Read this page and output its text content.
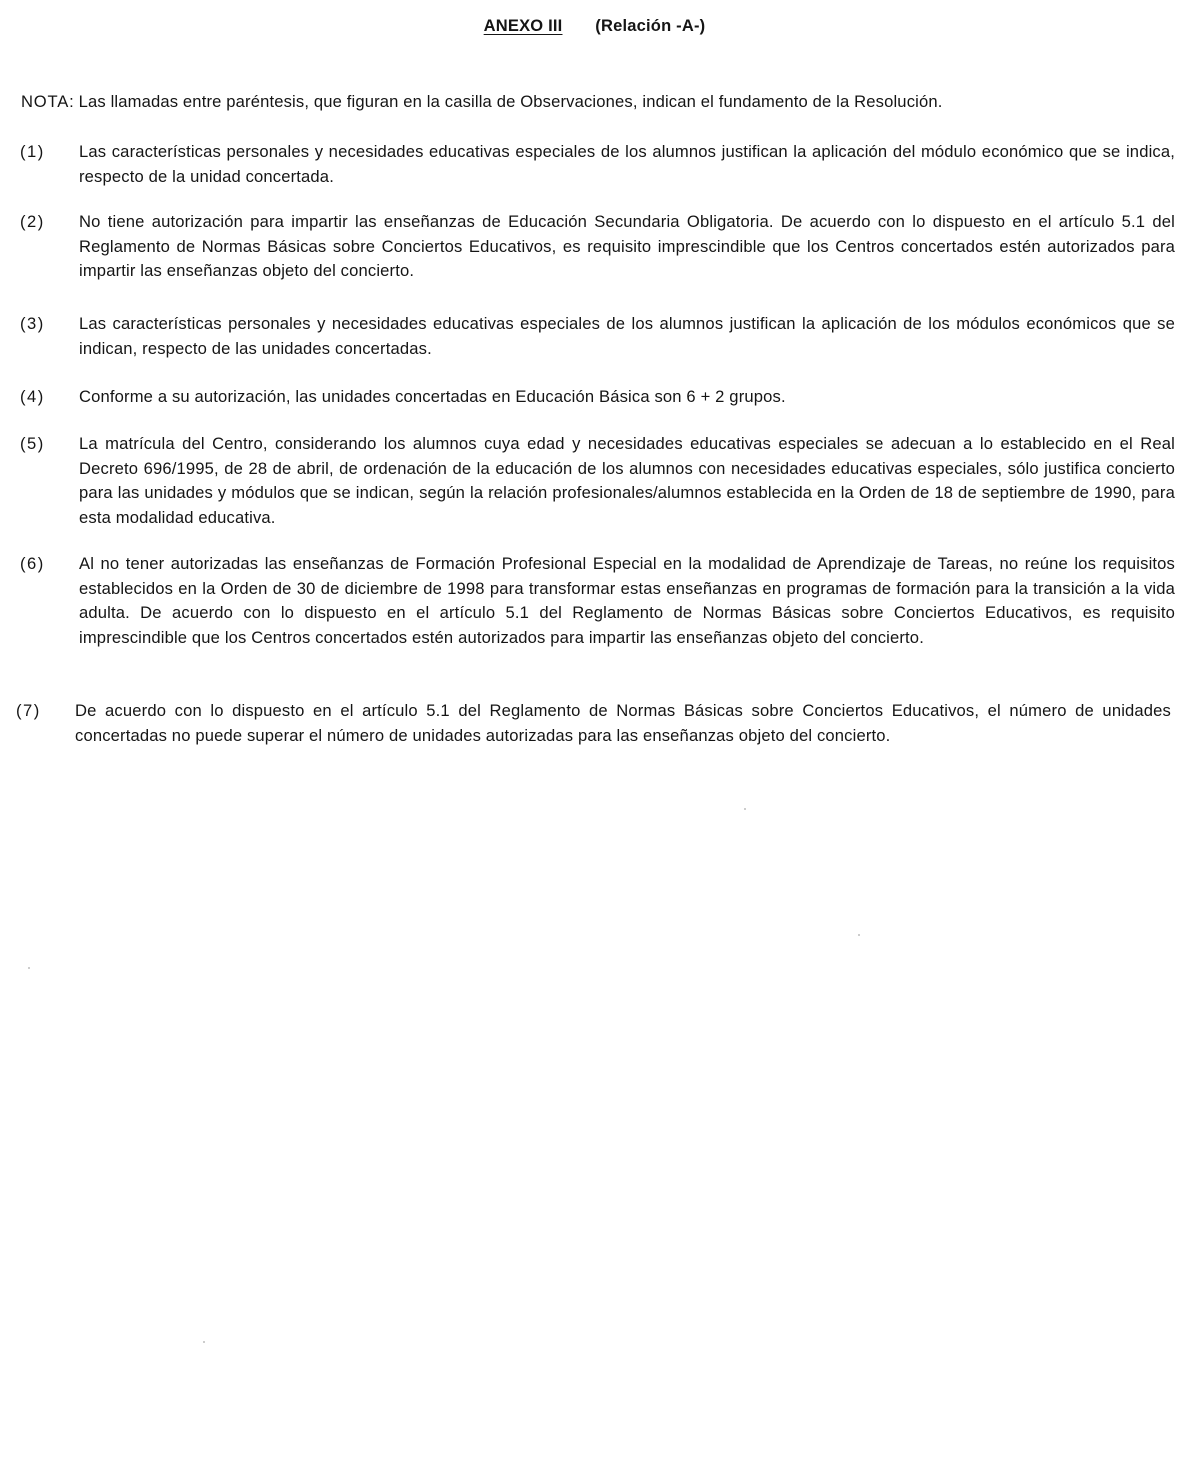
ANEXO III (Relación -A-)
NOTA: Las llamadas entre paréntesis, que figuran en la casilla de Observaciones, indican el fundamento de la Resolución.
(1)	Las características personales y necesidades educativas especiales de los alumnos justifican la aplicación del módulo económico que se indica, respecto de la unidad concertada.
(2)	No tiene autorización para impartir las enseñanzas de Educación Secundaria Obligatoria. De acuerdo con lo dispuesto en el artículo 5.1 del Reglamento de Normas Básicas sobre Conciertos Educativos, es requisito imprescindible que los Centros concertados estén autorizados para impartir las enseñanzas objeto del concierto.
(3)	Las características personales y necesidades educativas especiales de los alumnos justifican la aplicación de los módulos económicos que se indican, respecto de las unidades concertadas.
(4)	Conforme a su autorización, las unidades concertadas en Educación Básica son 6 + 2 grupos.
(5)	La matrícula del Centro, considerando los alumnos cuya edad y necesidades educativas especiales se adecuan a lo establecido en el Real Decreto 696/1995, de 28 de abril, de ordenación de la educación de los alumnos con necesidades educativas especiales, sólo justifica concierto para las unidades y módulos que se indican, según la relación profesionales/alumnos establecida en la Orden de 18 de septiembre de 1990, para esta modalidad educativa.
(6)	Al no tener autorizadas las enseñanzas de Formación Profesional Especial en la modalidad de Aprendizaje de Tareas, no reúne los requisitos establecidos en la Orden de 30 de diciembre de 1998 para transformar estas enseñanzas en programas de formación para la transición a la vida adulta. De acuerdo con lo dispuesto en el artículo 5.1 del Reglamento de Normas Básicas sobre Conciertos Educativos, es requisito imprescindible que los Centros concertados estén autorizados para impartir las enseñanzas objeto del concierto.
(7)	De acuerdo con lo dispuesto en el artículo 5.1 del Reglamento de Normas Básicas sobre Conciertos Educativos, el número de unidades concertadas no puede superar el número de unidades autorizadas para las enseñanzas objeto del concierto.
